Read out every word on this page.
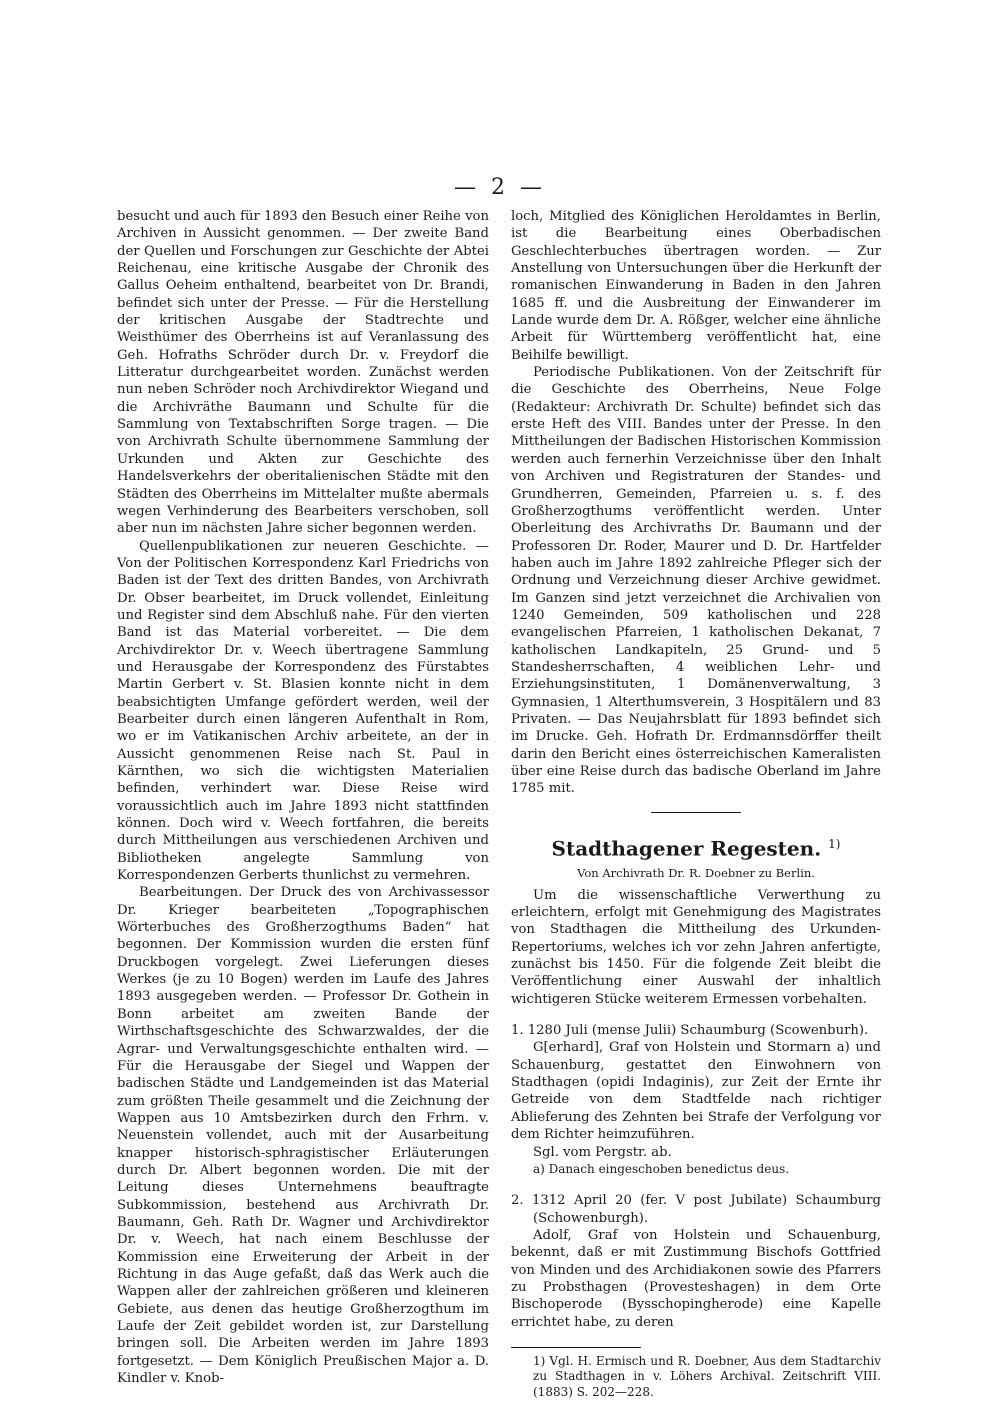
— 2 —

besucht und auch für 1893 den Besuch einer Reihe von Archiven in Aussicht genommen. — Der zweite Band der Quellen und Forschungen zur Geschichte der Abtei Reichenau, eine kritische Ausgabe der Chronik des Gallus Oeheim enthaltend, bearbeitet von Dr. Brandi, befindet sich unter der Presse. — Für die Herstellung der kritischen Ausgabe der Stadtrechte und Weisthümer des Oberrheins ist auf Veranlassung des Geh. Hofraths Schröder durch Dr. v. Freydorf die Litteratur durchgearbeitet worden. Zunächst werden nun neben Schröder noch Archivdirektor Wiegand und die Archivräthe Baumann und Schulte für die Sammlung von Textabschriften Sorge tragen. — Die von Archivrath Schulte übernommene Sammlung der Urkunden und Akten zur Geschichte des Handelsverkehrs der oberitalienischen Städte mit den Städten des Oberrheins im Mittelalter mußte abermals wegen Verhinderung des Bearbeiters verschoben, soll aber nun im nächsten Jahre sicher begonnen werden.

Quellenpublikationen zur neueren Geschichte. — Von der Politischen Korrespondenz Karl Friedrichs von Baden ist der Text des dritten Bandes, von Archivrath Dr. Obser bearbeitet, im Druck vollendet, Einleitung und Register sind dem Abschluß nahe. Für den vierten Band ist das Material vorbereitet. — Die dem Archivdirektor Dr. v. Weech übertragene Sammlung und Herausgabe der Korrespondenz des Fürstabtes Martin Gerbert v. St. Blasien konnte nicht in dem beabsichtigten Umfange gefördert werden, weil der Bearbeiter durch einen längeren Aufenthalt in Rom, wo er im Vatikanischen Archiv arbeitete, an der in Aussicht genommenen Reise nach St. Paul in Kärnthen, wo sich die wichtigsten Materialien befinden, verhindert war. Diese Reise wird voraussichtlich auch im Jahre 1893 nicht stattfinden können. Doch wird v. Weech fortfahren, die bereits durch Mittheilungen aus verschiedenen Archiven und Bibliotheken angelegte Sammlung von Korrespondenzen Gerberts thunlichst zu vermehren.

Bearbeitungen. Der Druck des von Archivassessor Dr. Krieger bearbeiteten „Topographischen Wörterbuches des Großherzogthums Baden“ hat begonnen. Der Kommission wurden die ersten fünf Druckbogen vorgelegt. Zwei Lieferungen dieses Werkes (je zu 10 Bogen) werden im Laufe des Jahres 1893 ausgegeben werden. — Professor Dr. Gothein in Bonn arbeitet am zweiten Bande der Wirthschaftsgeschichte des Schwarzwaldes, der die Agrar- und Verwaltungsgeschichte enthalten wird. — Für die Herausgabe der Siegel und Wappen der badischen Städte und Landgemeinden ist das Material zum größten Theile gesammelt und die Zeichnung der Wappen aus 10 Amtsbezirken durch den Frhrn. v. Neuenstein vollendet, auch mit der Ausarbeitung knapper historisch-sphragistischer Erläuterungen durch Dr. Albert begonnen worden. Die mit der Leitung dieses Unternehmens beauftragte Subkommission, bestehend aus Archivrath Dr. Baumann, Geh. Rath Dr. Wagner und Archivdirektor Dr. v. Weech, hat nach einem Beschlusse der Kommission eine Erweiterung der Arbeit in der Richtung in das Auge gefaßt, daß das Werk auch die Wappen aller der zahlreichen größeren und kleineren Gebiete, aus denen das heutige Großherzogthum im Laufe der Zeit gebildet worden ist, zur Darstellung bringen soll. Die Arbeiten werden im Jahre 1893 fortgesetzt. — Dem Königlich Preußischen Major a. D. Kindler v. Knob-

loch, Mitglied des Königlichen Heroldamtes in Berlin, ist die Bearbeitung eines Oberbadischen Geschlechterbuches übertragen worden. — Zur Anstellung von Untersuchungen über die Herkunft der romanischen Einwanderung in Baden in den Jahren 1685 ff. und die Ausbreitung der Einwanderer im Lande wurde dem Dr. A. Rößger, welcher eine ähnliche Arbeit für Württemberg veröffentlicht hat, eine Beihilfe bewilligt.

Periodische Publikationen. Von der Zeitschrift für die Geschichte des Oberrheins, Neue Folge (Redakteur: Archivrath Dr. Schulte) befindet sich das erste Heft des VIII. Bandes unter der Presse. In den Mittheilungen der Badischen Historischen Kommission werden auch fernerhin Verzeichnisse über den Inhalt von Archiven und Registraturen der Standes- und Grundherren, Gemeinden, Pfarreien u. s. f. des Großherzogthums veröffentlicht werden. Unter Oberleitung des Archivraths Dr. Baumann und der Professoren Dr. Roder, Maurer und D. Dr. Hartfelder haben auch im Jahre 1892 zahlreiche Pfleger sich der Ordnung und Verzeichnung dieser Archive gewidmet. Im Ganzen sind jetzt verzeichnet die Archivalien von 1240 Gemeinden, 509 katholischen und 228 evangelischen Pfarreien, 1 katholischen Dekanat, 7 katholischen Landkapiteln, 25 Grund- und 5 Standesherrschaften, 4 weiblichen Lehr- und Erziehungsinstituten, 1 Domänenverwaltung, 3 Gymnasien, 1 Alterthumsverein, 3 Hospitälern und 83 Privaten. — Das Neujahrsblatt für 1893 befindet sich im Drucke. Geh. Hofrath Dr. Erdmannsdörffer theilt darin den Bericht eines österreichischen Kameralisten über eine Reise durch das badische Oberland im Jahre 1785 mit.

Stadthagener Regesten. $^{1)}$
Von Archivrath Dr. R. Doebner zu Berlin.

Um die wissenschaftliche Verwerthung zu erleichtern, erfolgt mit Genehmigung des Magistrates von Stadthagen die Mittheilung des Urkunden-Repertoriums, welches ich vor zehn Jahren anfertigte, zunächst bis 1450. Für die folgende Zeit bleibt die Veröffentlichung einer Auswahl der inhaltlich wichtigeren Stücke weiterem Ermessen vorbehalten.

1. 1280 Juli (mense Julii) Schaumburg (Scowenburh).

G[erhard], Graf von Holstein und Stormarn a) und Schauenburg, gestattet den Einwohnern von Stadthagen (opidi Indaginis), zur Zeit der Ernte ihr Getreide von dem Stadtfelde nach richtiger Ablieferung des Zehnten bei Strafe der Verfolgung vor dem Richter heimzuführen.

Sgl. vom Pergstr. ab.

a) Danach eingeschoben benedictus deus.

2. 1312 April 20 (fer. V post Jubilate) Schaumburg (Schowenburgh).

Adolf, Graf von Holstein und Schauenburg, bekennt, daß er mit Zustimmung Bischofs Gottfried von Minden und des Archidiakonen sowie des Pfarrers zu Probsthagen (Provesteshagen) in dem Orte Bischoperode (Bysschopingherode) eine Kapelle errichtet habe, zu deren

1) Vgl. H. Ermisch und R. Doebner, Aus dem Stadtarchiv zu Stadthagen in v. Löhers Archival. Zeitschrift VIII. (1883) S. 202—228.
